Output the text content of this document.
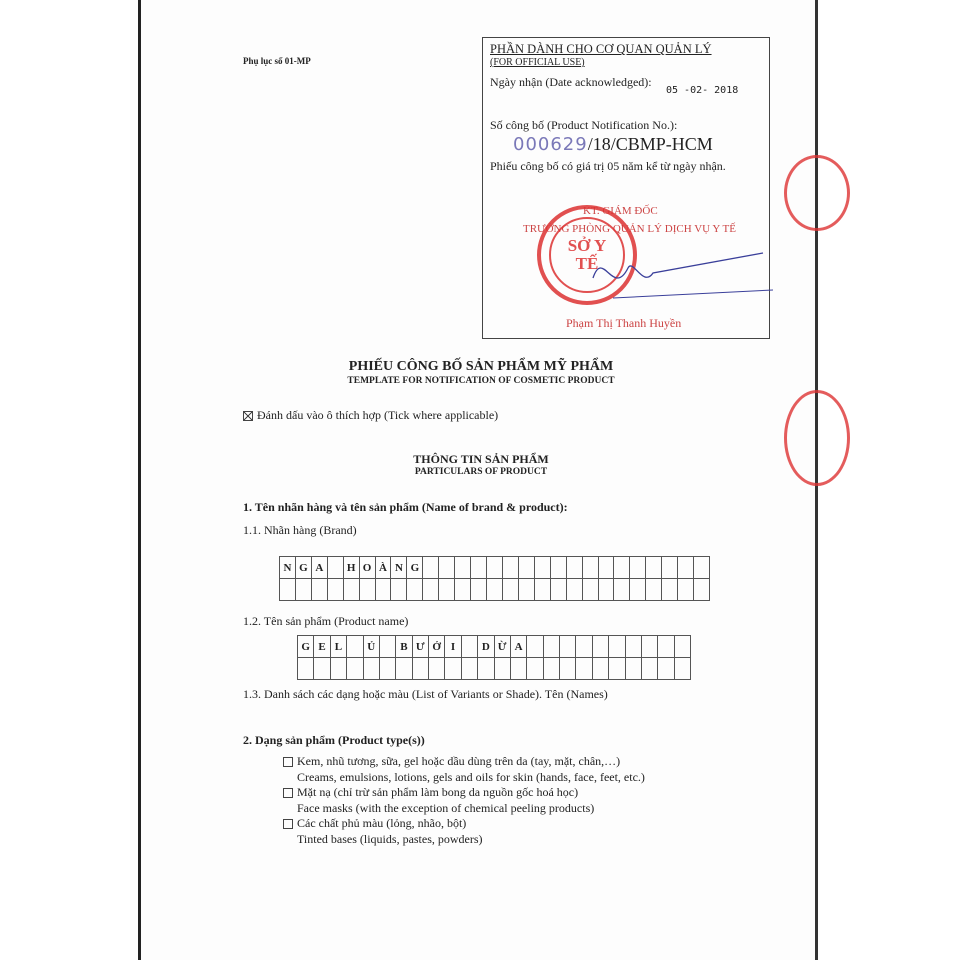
Phụ lục số 01-MP
PHẦN DÀNH CHO CƠ QUAN QUẢN LÝ
(FOR OFFICIAL USE)
Ngày nhận (Date acknowledged):
05 -02- 2018
Số công bố (Product Notification No.):
000629/18/CBMP-HCM
Phiếu công bố có giá trị 05 năm kể từ ngày nhận.
KT. GIÁM ĐỐC
TRƯỞNG PHÒNG QUẢN LÝ DỊCH VỤ Y TẾ
SỞ Y TẾ
Phạm Thị Thanh Huyền
PHIẾU CÔNG BỐ SẢN PHẨM MỸ PHẨM
TEMPLATE FOR NOTIFICATION OF COSMETIC PRODUCT
Đánh dấu vào ô thích hợp (Tick where applicable)
THÔNG TIN SẢN PHẨM
PARTICULARS OF PRODUCT
1. Tên nhãn hàng và tên sản phẩm (Name of brand & product):
1.1. Nhãn hàng (Brand)
N G A	H O À N G
1.2. Tên sản phẩm (Product name)
G E L	Ủ	B Ư Ở I	D Ừ A
1.3. Danh sách các dạng hoặc màu (List of Variants or Shade). Tên (Names)
2. Dạng sản phẩm (Product type(s))
Kem, nhũ tương, sữa, gel hoặc dầu dùng trên da (tay, mặt, chân,…)
Creams, emulsions, lotions, gels and oils for skin (hands, face, feet, etc.)
Mặt nạ (chỉ trừ sản phẩm làm bong da nguồn gốc hoá học)
Face masks (with the exception of chemical peeling products)
Các chất phủ màu (lỏng, nhão, bột)
Tinted bases (liquids, pastes, powders)
